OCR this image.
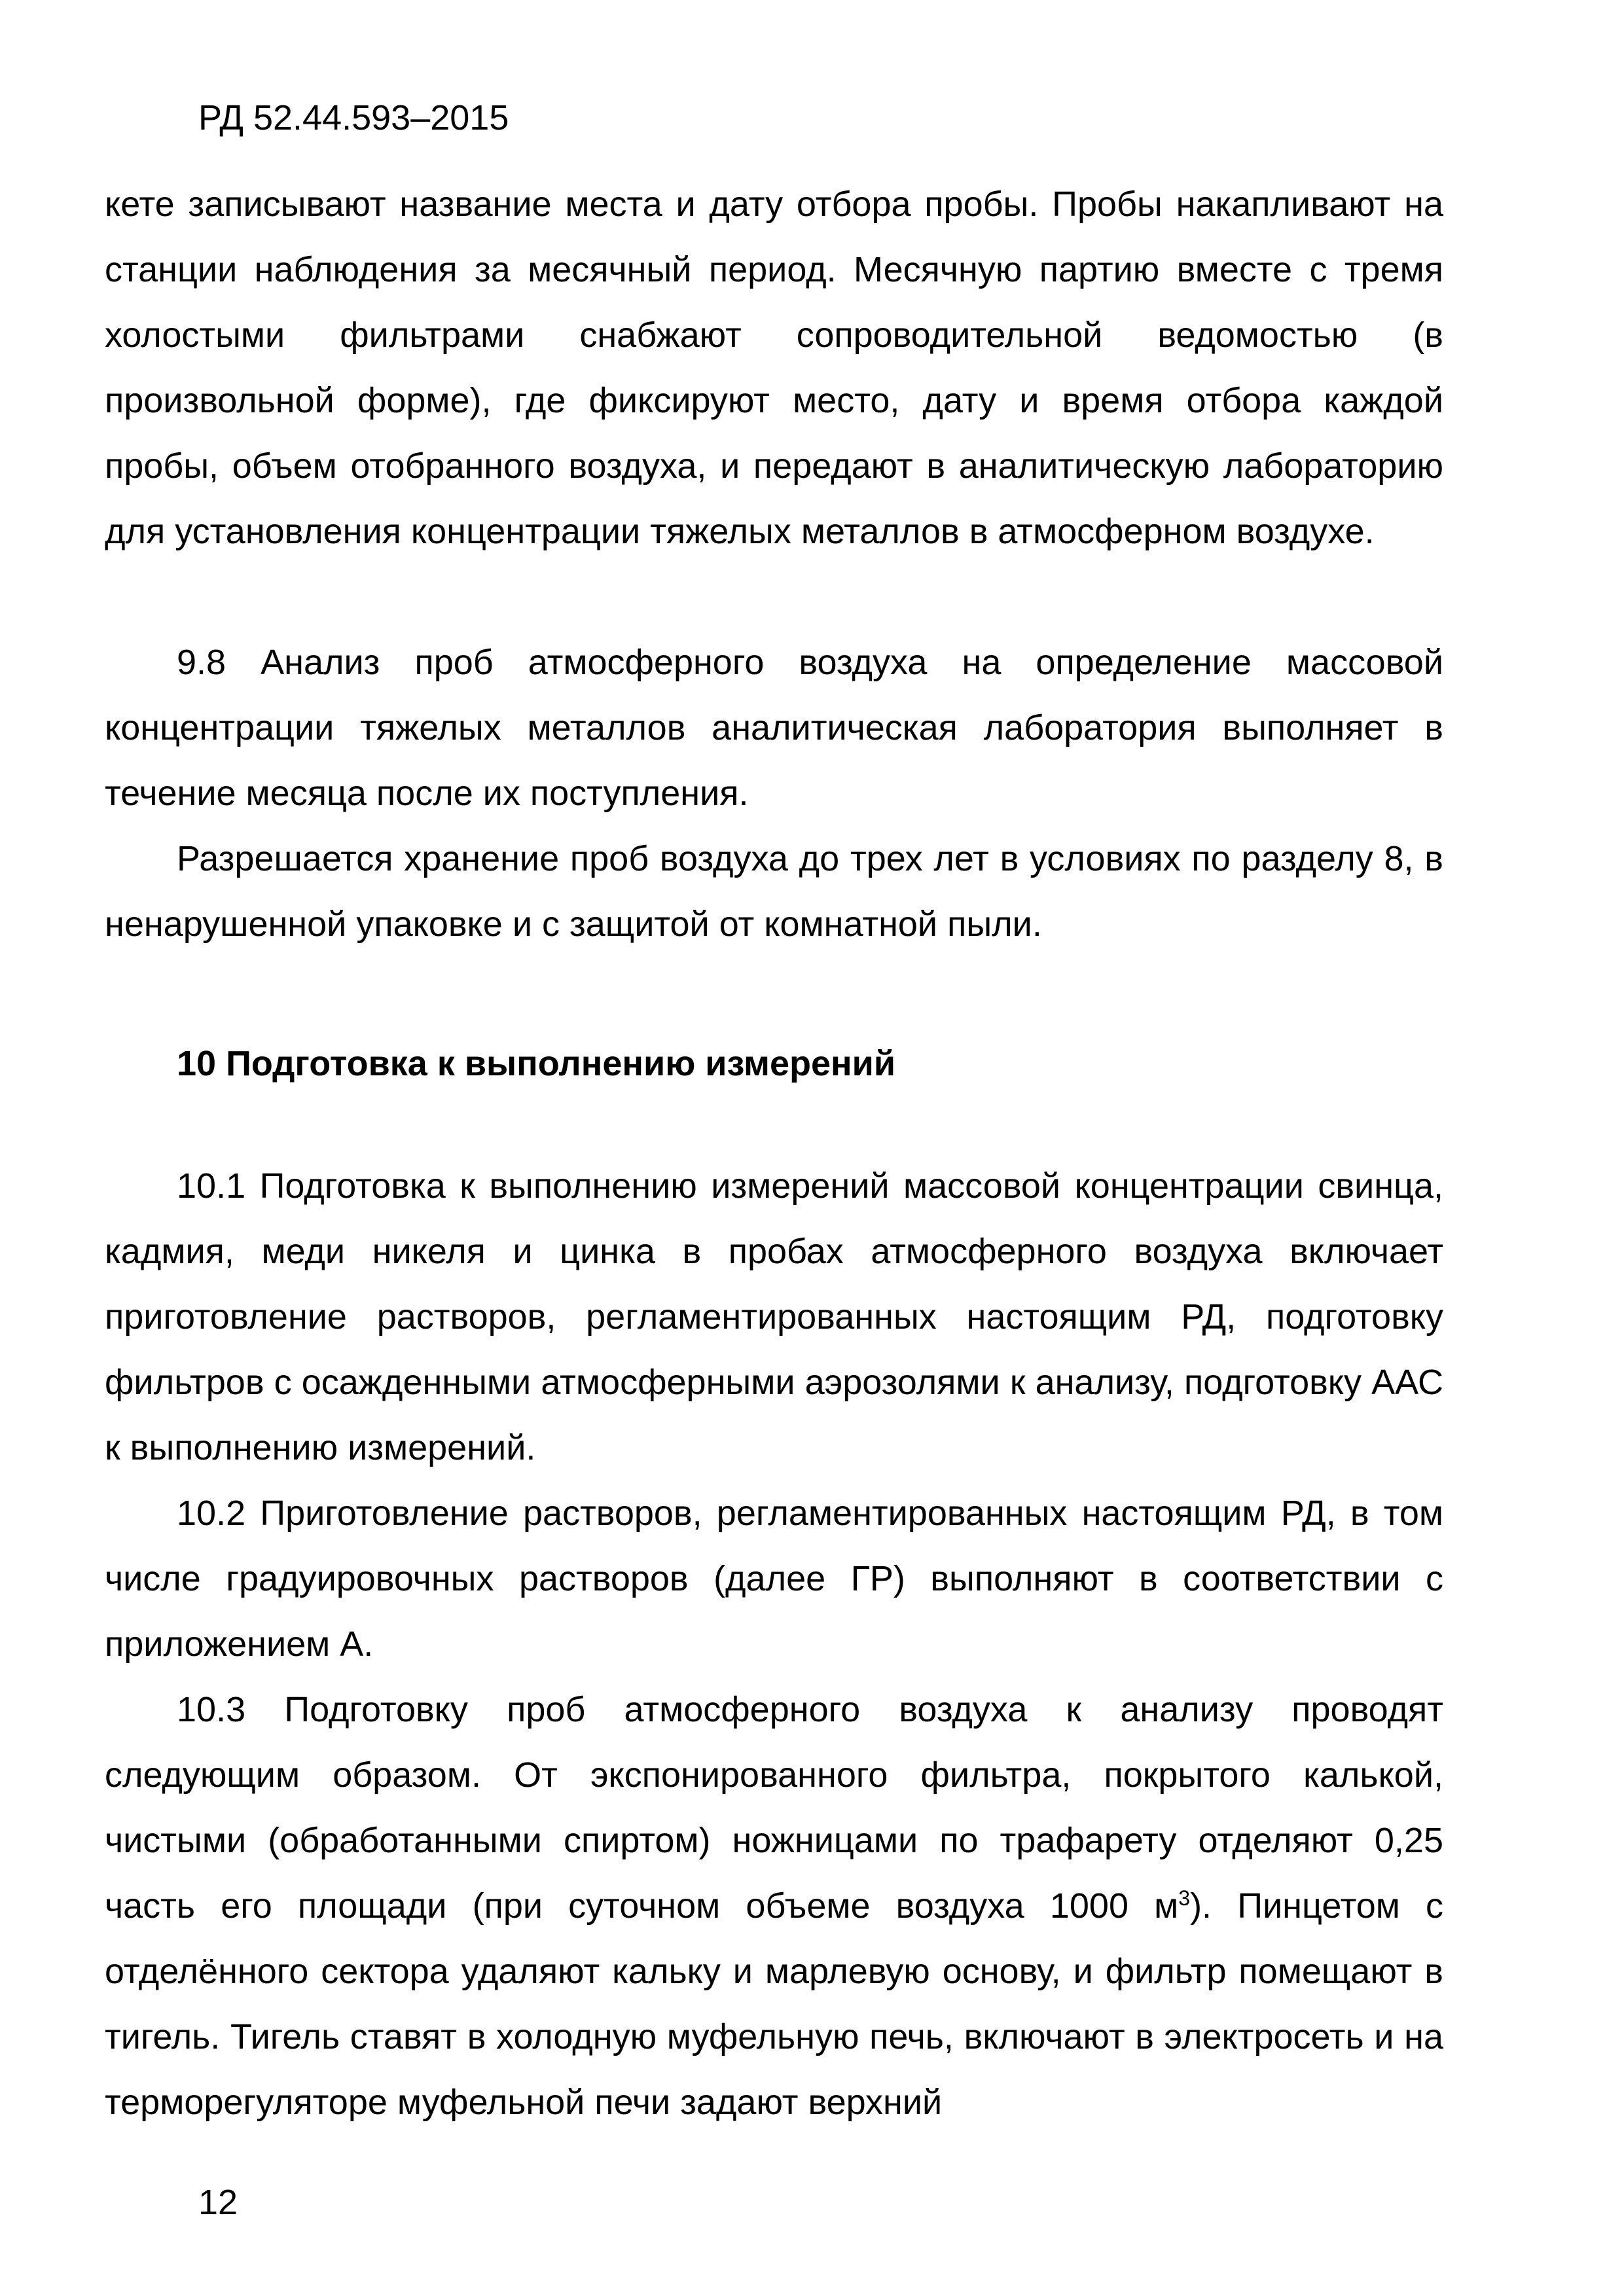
РД 52.44.593–2015

кете записывают название места и дату отбора пробы. Пробы накапливают на станции наблюдения за месячный период. Месячную партию вместе с тремя холостыми фильтрами снабжают сопроводительной ведомостью (в произвольной форме), где фиксируют место, дату и время отбора каждой пробы, объем отобранного воздуха, и передают в аналитическую лабораторию для установления концентрации тяжелых металлов в атмосферном воздухе.

9.8 Анализ проб атмосферного воздуха на определение массовой концентрации тяжелых металлов аналитическая лаборатория выполняет в течение месяца после их поступления.

Разрешается хранение проб воздуха до трех лет в условиях по разделу 8, в ненарушенной упаковке и с защитой от комнатной пыли.

10 Подготовка к выполнению измерений

10.1 Подготовка к выполнению измерений массовой концентрации свинца, кадмия, меди никеля и цинка в пробах атмосферного воздуха включает приготовление растворов, регламентированных настоящим РД, подготовку фильтров с осажденными атмосферными аэрозолями к анализу, подготовку ААС к выполнению измерений.

10.2 Приготовление растворов, регламентированных настоящим РД, в том числе градуировочных растворов (далее ГР) выполняют в соответствии с приложением А.

10.3 Подготовку проб атмосферного воздуха к анализу проводят следующим образом. От экспонированного фильтра, покрытого калькой, чистыми (обработанными спиртом) ножницами по трафарету отделяют 0,25 часть его площади (при суточном объеме воздуха 1000 $м^3$). Пинцетом с отделённого сектора удаляют кальку и марлевую основу, и фильтр помещают в тигель. Тигель ставят в холодную муфельную печь, включают в электросеть и на терморегуляторе муфельной печи задают верхний

12
